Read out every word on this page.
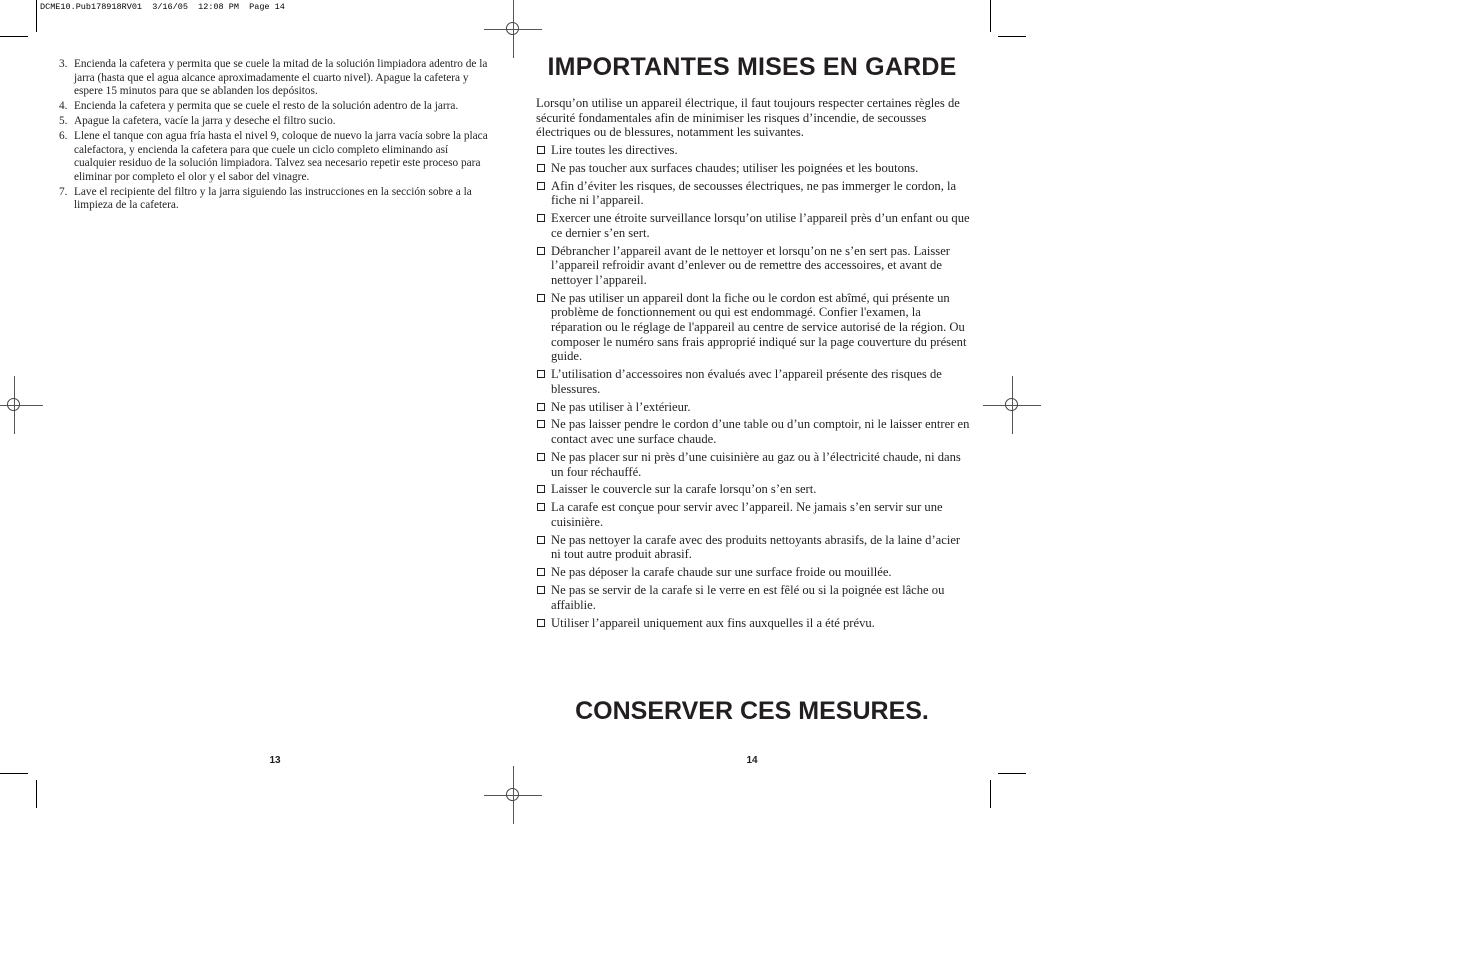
DCME10.Pub178918RV01  3/16/05  12:08 PM  Page 14
3. Encienda la cafetera y permita que se cuele la mitad de la solución limpiadora adentro de la jarra (hasta que el agua alcance aproximadamente el cuarto nivel). Apague la cafetera y espere 15 minutos para que se ablanden los depósitos.
4. Encienda la cafetera y permita que se cuele el resto de la solución adentro de la jarra.
5. Apague la cafetera, vacíe la jarra y deseche el filtro sucio.
6. Llene el tanque con agua fría hasta el nivel 9, coloque de nuevo la jarra vacía sobre la placa calefactora, y encienda la cafetera para que cuele un ciclo completo eliminando así cualquier residuo de la solución limpiadora. Talvez sea necesario repetir este proceso para eliminar por completo el olor y el sabor del vinagre.
7. Lave el recipiente del filtro y la jarra siguiendo las instrucciones en la sección sobre a la limpieza de la cafetera.
13
IMPORTANTES MISES EN GARDE

Lorsqu’on utilise un appareil électrique, il faut toujours respecter certaines règles de sécurité fondamentales afin de minimiser les risques d’incendie, de secousses électriques ou de blessures, notamment les suivantes.

Lire toutes les directives.
Ne pas toucher aux surfaces chaudes; utiliser les poignées et les boutons.
Afin d’éviter les risques, de secousses électriques, ne pas immerger le cordon, la fiche ni l’appareil.
Exercer une étroite surveillance lorsqu’on utilise l’appareil près d’un enfant ou que ce dernier s’en sert.
Débrancher l’appareil avant de le nettoyer et lorsqu’on ne s’en sert pas. Laisser l’appareil refroidir avant d’enlever ou de remettre des accessoires, et avant de nettoyer l’appareil.
Ne pas utiliser un appareil dont la fiche ou le cordon est abîmé, qui présente un problème de fonctionnement ou qui est endommagé. Confier l'examen, la réparation ou le réglage de l'appareil au centre de service autorisé de la région. Ou composer le numéro sans frais approprié indiqué sur la page couverture du présent guide.
L’utilisation d’accessoires non évalués avec l’appareil présente des risques de blessures.
Ne pas utiliser à l’extérieur.
Ne pas laisser pendre le cordon d’une table ou d’un comptoir, ni le laisser entrer en contact avec une surface chaude.
Ne pas placer sur ni près d’une cuisinière au gaz ou à l’électricité chaude, ni dans un four réchauffé.
Laisser le couvercle sur la carafe lorsqu’on s’en sert.
La carafe est conçue pour servir avec l’appareil. Ne jamais s’en servir sur une cuisinière.
Ne pas nettoyer la carafe avec des produits nettoyants abrasifs, de la laine d’acier ni tout autre produit abrasif.
Ne pas déposer la carafe chaude sur une surface froide ou mouillée.
Ne pas se servir de la carafe si le verre en est fêlé ou si la poignée est lâche ou affaiblie.
Utiliser l’appareil uniquement aux fins auxquelles il a été prévu.
CONSERVER CES MESURES.
14
